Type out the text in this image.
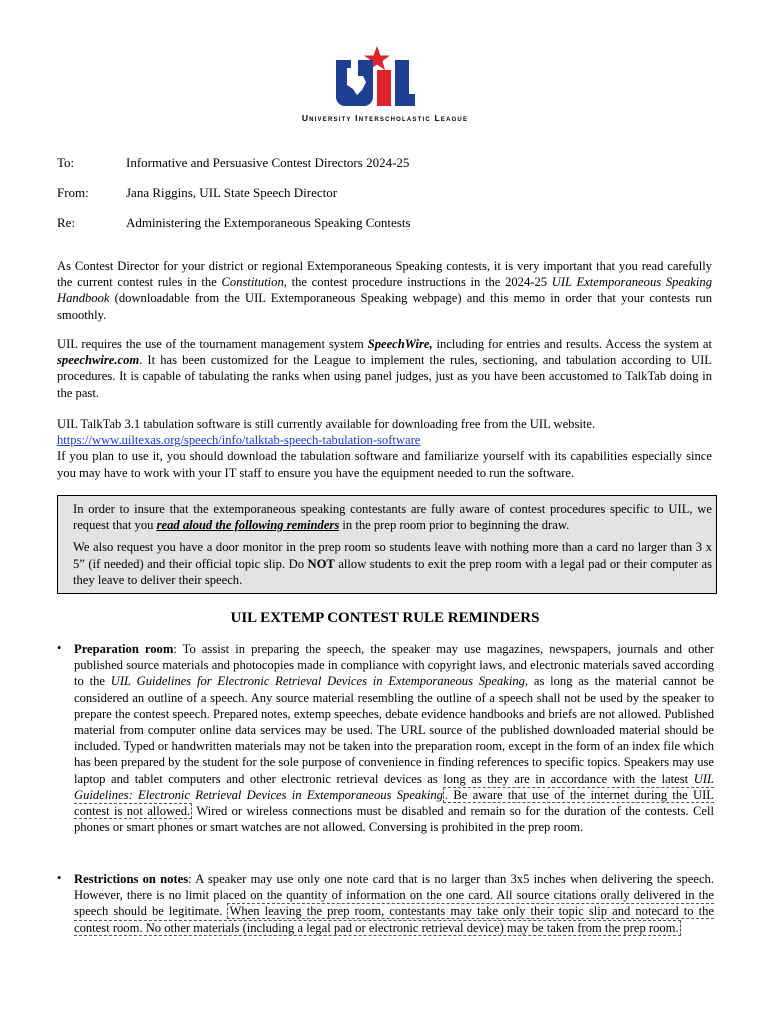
University Interscholastic League
To:	Informative and Persuasive Contest Directors 2024-25
From:	Jana Riggins, UIL State Speech Director
Re:	Administering the Extemporaneous Speaking Contests

As Contest Director for your district or regional Extemporaneous Speaking contests, it is very important that you read carefully the current contest rules in the Constitution, the contest procedure instructions in the 2024-25 UIL Extemporaneous Speaking Handbook (downloadable from the UIL Extemporaneous Speaking webpage) and this memo in order that your contests run smoothly.

UIL requires the use of the tournament management system SpeechWire, including for entries and results. Access the system at speechwire.com. It has been customized for the League to implement the rules, sectioning, and tabulation according to UIL procedures. It is capable of tabulating the ranks when using panel judges, just as you have been accustomed to TalkTab doing in the past.

UIL TalkTab 3.1 tabulation software is still currently available for downloading free from the UIL website.

https://www.uiltexas.org/speech/info/talktab-speech-tabulation-software

If you plan to use it, you should download the tabulation software and familiarize yourself with its capabilities especially since you may have to work with your IT staff to ensure you have the equipment needed to run the software.

In order to insure that the extemporaneous speaking contestants are fully aware of contest procedures specific to UIL, we request that you read aloud the following reminders in the prep room prior to beginning the draw.

We also request you have a door monitor in the prep room so students leave with nothing more than a card no larger than 3 x 5” (if needed) and their official topic slip. Do NOT allow students to exit the prep room with a legal pad or their computer as they leave to deliver their speech.

UIL EXTEMP CONTEST RULE REMINDERS
• Preparation room: To assist in preparing the speech, the speaker may use magazines, newspapers, journals and other published source materials and photocopies made in compliance with copyright laws, and electronic materials saved according to the UIL Guidelines for Electronic Retrieval Devices in Extemporaneous Speaking, as long as the material cannot be considered an outline of a speech. Any source material resembling the outline of a speech shall not be used by the speaker to prepare the contest speech. Prepared notes, extemp speeches, debate evidence handbooks and briefs are not allowed. Published material from computer online data services may be used. The URL source of the published downloaded material should be included. Typed or handwritten materials may not be taken into the preparation room, except in the form of an index file which has been prepared by the student for the sole purpose of convenience in finding references to specific topics. Speakers may use laptop and tablet computers and other electronic retrieval devices as long as they are in accordance with the latest UIL Guidelines: Electronic Retrieval Devices in Extemporaneous Speaking . Be aware that use of the internet during the UIL contest is not allowed. Wired or wireless connections must be disabled and remain so for the duration of the contests. Cell phones or smart phones or smart watches are not allowed. Conversing is prohibited in the prep room.

• Restrictions on notes: A speaker may use only one note card that is no larger than 3x5 inches when delivering the speech. However, there is no limit placed on the quantity of information on the one card. All source citations orally delivered in the speech should be legitimate. When leaving the prep room, contestants may take only their topic slip and notecard to the contest room. No other materials (including a legal pad or electronic retrieval device) may be taken from the prep room.
